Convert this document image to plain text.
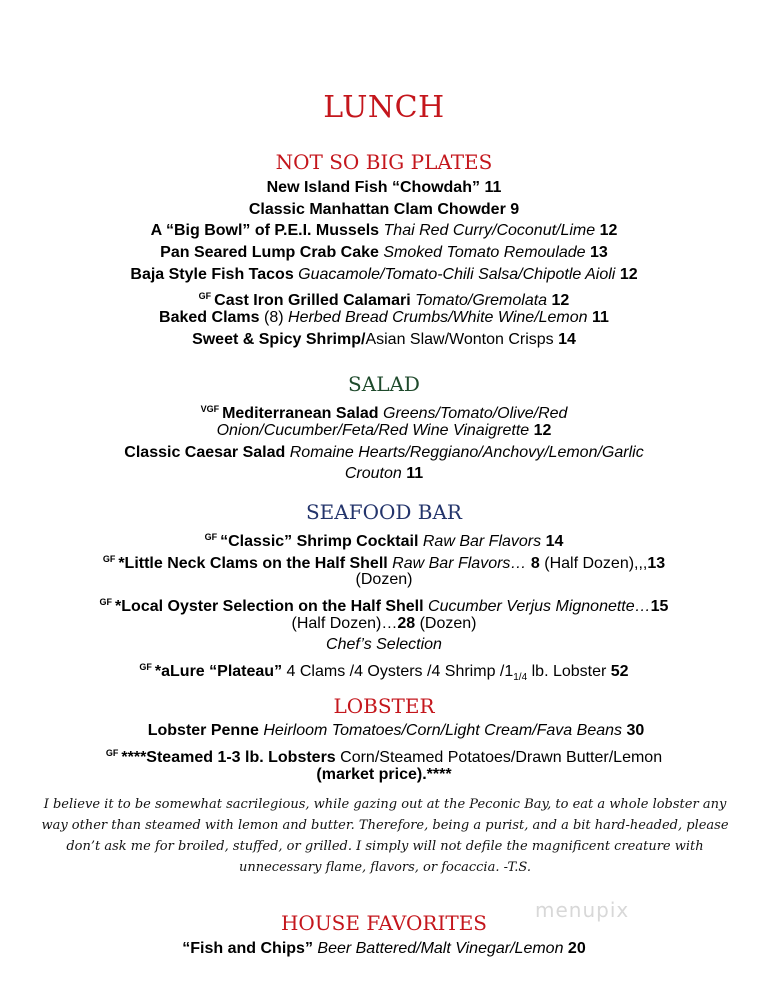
LUNCH
NOT SO BIG PLATES
New Island Fish “Chowdah” 11
Classic Manhattan Clam Chowder 9
A “Big Bowl” of P.E.I. Mussels Thai Red Curry/Coconut/Lime 12
Pan Seared Lump Crab Cake Smoked Tomato Remoulade 13
Baja Style Fish Tacos Guacamole/Tomato-Chili Salsa/Chipotle Aioli 12
$^{GF}$ Cast Iron Grilled Calamari Tomato/Gremolata 12
Baked Clams (8) Herbed Bread Crumbs/White Wine/Lemon 11
Sweet & Spicy Shrimp/Asian Slaw/Wonton Crisps 14
SALAD
$^{VGF}$ Mediterranean Salad Greens/Tomato/Olive/Red
Onion/Cucumber/Feta/Red Wine Vinaigrette 12
Classic Caesar Salad Romaine Hearts/Reggiano/Anchovy/Lemon/Garlic
Crouton 11
SEAFOOD BAR
$^{GF}$ “Classic” Shrimp Cocktail Raw Bar Flavors 14
$^{GF}$ *Little Neck Clams on the Half Shell Raw Bar Flavors… 8 (Half Dozen),,,13
(Dozen)
$^{GF}$ *Local Oyster Selection on the Half Shell Cucumber Verjus Mignonette…15
(Half Dozen)…28 (Dozen)
Chef’s Selection
$^{GF}$ *aLure “Plateau” 4 Clams /4 Oysters /4 Shrimp $/1_{1/4}$ lb. Lobster 52
LOBSTER
Lobster Penne Heirloom Tomatoes/Corn/Light Cream/Fava Beans 30
$^{GF}$ ****Steamed 1-3 lb. Lobsters Corn/Steamed Potatoes/Drawn Butter/Lemon
(market price).****
I believe it to be somewhat sacrilegious, while gazing out at the Peconic Bay, to eat a whole lobster any
way other than steamed with lemon and butter. Therefore, being a purist, and a bit hard-headed, please
don’t ask me for broiled, stuffed, or grilled. I simply will not defile the magnificent creature with
unnecessary flame, flavors, or focaccia. -T.S.
menupix
HOUSE FAVORITES
“Fish and Chips” Beer Battered/Malt Vinegar/Lemon 20
